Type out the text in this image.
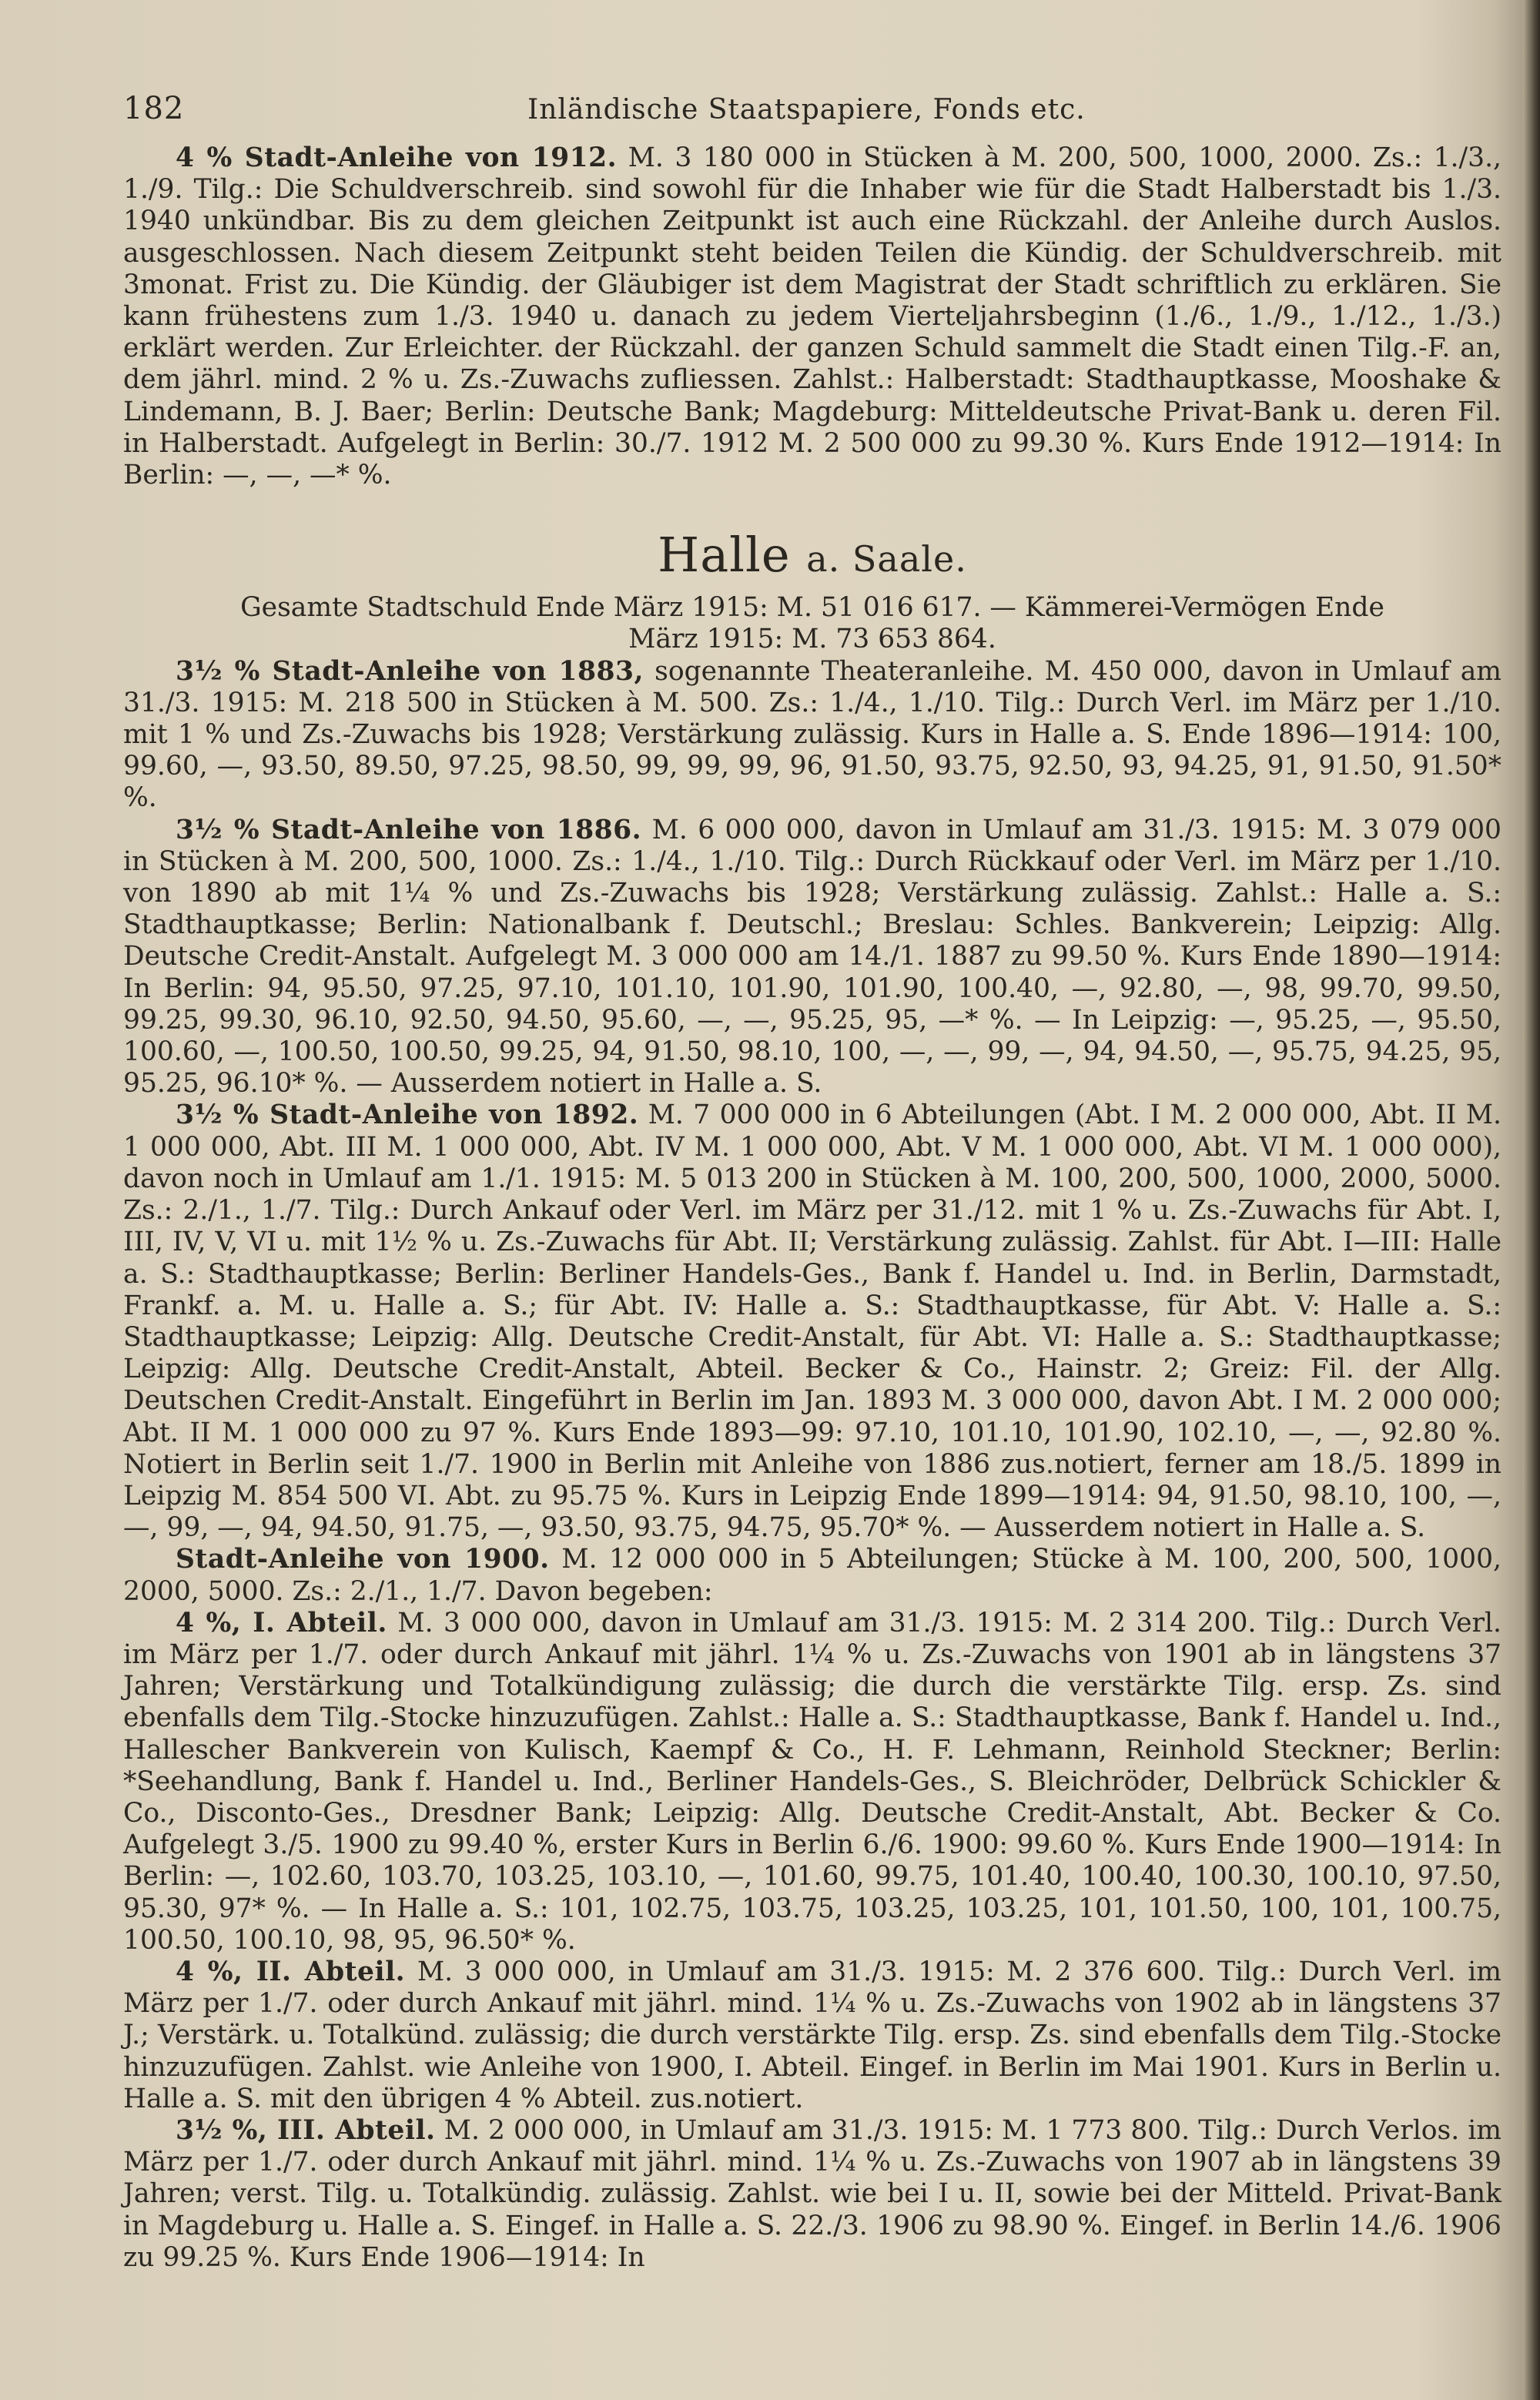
182	Inländische Staatspapiere, Fonds etc.

4 % Stadt-Anleihe von 1912. M. 3 180 000 in Stücken à M. 200, 500, 1000, 2000. Zs.: 1./3., 1./9. Tilg.: Die Schuldverschreib. sind sowohl für die Inhaber wie für die Stadt Halberstadt bis 1./3. 1940 unkündbar. Bis zu dem gleichen Zeitpunkt ist auch eine Rückzahl. der Anleihe durch Auslos. ausgeschlossen. Nach diesem Zeitpunkt steht beiden Teilen die Kündig. der Schuldverschreib. mit 3monat. Frist zu. Die Kündig. der Gläubiger ist dem Magistrat der Stadt schriftlich zu erklären. Sie kann frühestens zum 1./3. 1940 u. danach zu jedem Vierteljahrsbeginn (1./6., 1./9., 1./12., 1./3.) erklärt werden. Zur Erleichter. der Rückzahl. der ganzen Schuld sammelt die Stadt einen Tilg.-F. an, dem jährl. mind. 2 % u. Zs.-Zuwachs zufliessen. Zahlst.: Halberstadt: Stadthauptkasse, Mooshake & Lindemann, B. J. Baer; Berlin: Deutsche Bank; Magdeburg: Mitteldeutsche Privat-Bank u. deren Fil. in Halberstadt. Aufgelegt in Berlin: 30./7. 1912 M. 2 500 000 zu 99.30 %. Kurs Ende 1912—1914: In Berlin: —, —, —* %.

Halle a. Saale.

Gesamte Stadtschuld Ende März 1915: M. 51 016 617. — Kämmerei-Vermögen Ende

März 1915: M. 73 653 864.

3½ % Stadt-Anleihe von 1883, sogenannte Theateranleihe. M. 450 000, davon in Umlauf am 31./3. 1915: M. 218 500 in Stücken à M. 500. Zs.: 1./4., 1./10. Tilg.: Durch Verl. im März per 1./10. mit 1 % und Zs.-Zuwachs bis 1928; Verstärkung zulässig. Kurs in Halle a. S. Ende 1896—1914: 100, 99.60, —, 93.50, 89.50, 97.25, 98.50, 99, 99, 99, 96, 91.50, 93.75, 92.50, 93, 94.25, 91, 91.50, 91.50* %.

3½ % Stadt-Anleihe von 1886. M. 6 000 000, davon in Umlauf am 31./3. 1915: M. 3 079 000 in Stücken à M. 200, 500, 1000. Zs.: 1./4., 1./10. Tilg.: Durch Rückkauf oder Verl. im März per 1./10. von 1890 ab mit 1¼ % und Zs.-Zuwachs bis 1928; Verstärkung zulässig. Zahlst.: Halle a. S.: Stadthauptkasse; Berlin: Nationalbank f. Deutschl.; Breslau: Schles. Bankverein; Leipzig: Allg. Deutsche Credit-Anstalt. Aufgelegt M. 3 000 000 am 14./1. 1887 zu 99.50 %. Kurs Ende 1890—1914: In Berlin: 94, 95.50, 97.25, 97.10, 101.10, 101.90, 101.90, 100.40, —, 92.80, —, 98, 99.70, 99.50, 99.25, 99.30, 96.10, 92.50, 94.50, 95.60, —, —, 95.25, 95, —* %. — In Leipzig: —, 95.25, —, 95.50, 100.60, —, 100.50, 100.50, 99.25, 94, 91.50, 98.10, 100, —, —, 99, —, 94, 94.50, —, 95.75, 94.25, 95, 95.25, 96.10* %. — Ausserdem notiert in Halle a. S.

3½ % Stadt-Anleihe von 1892. M. 7 000 000 in 6 Abteilungen (Abt. I M. 2 000 000, Abt. II M. 1 000 000, Abt. III M. 1 000 000, Abt. IV M. 1 000 000, Abt. V M. 1 000 000, Abt. VI M. 1 000 000), davon noch in Umlauf am 1./1. 1915: M. 5 013 200 in Stücken à M. 100, 200, 500, 1000, 2000, 5000. Zs.: 2./1., 1./7. Tilg.: Durch Ankauf oder Verl. im März per 31./12. mit 1 % u. Zs.-Zuwachs für Abt. I, III, IV, V, VI u. mit 1½ % u. Zs.-Zuwachs für Abt. II; Verstärkung zulässig. Zahlst. für Abt. I—III: Halle a. S.: Stadthauptkasse; Berlin: Berliner Handels-Ges., Bank f. Handel u. Ind. in Berlin, Darmstadt, Frankf. a. M. u. Halle a. S.; für Abt. IV: Halle a. S.: Stadthauptkasse, für Abt. V: Halle a. S.: Stadthauptkasse; Leipzig: Allg. Deutsche Credit-Anstalt, für Abt. VI: Halle a. S.: Stadthauptkasse; Leipzig: Allg. Deutsche Credit-Anstalt, Abteil. Becker & Co., Hainstr. 2; Greiz: Fil. der Allg. Deutschen Credit-Anstalt. Eingeführt in Berlin im Jan. 1893 M. 3 000 000, davon Abt. I M. 2 000 000; Abt. II M. 1 000 000 zu 97 %. Kurs Ende 1893—99: 97.10, 101.10, 101.90, 102.10, —, —, 92.80 %. Notiert in Berlin seit 1./7. 1900 in Berlin mit Anleihe von 1886 zus.notiert, ferner am 18./5. 1899 in Leipzig M. 854 500 VI. Abt. zu 95.75 %. Kurs in Leipzig Ende 1899—1914: 94, 91.50, 98.10, 100, —, —, 99, —, 94, 94.50, 91.75, —, 93.50, 93.75, 94.75, 95.70* %. — Ausserdem notiert in Halle a. S.

Stadt-Anleihe von 1900. M. 12 000 000 in 5 Abteilungen; Stücke à M. 100, 200, 500, 1000, 2000, 5000. Zs.: 2./1., 1./7. Davon begeben:

4 %, I. Abteil. M. 3 000 000, davon in Umlauf am 31./3. 1915: M. 2 314 200. Tilg.: Durch Verl. im März per 1./7. oder durch Ankauf mit jährl. 1¼ % u. Zs.-Zuwachs von 1901 ab in längstens 37 Jahren; Verstärkung und Totalkündigung zulässig; die durch die verstärkte Tilg. ersp. Zs. sind ebenfalls dem Tilg.-Stocke hinzuzufügen. Zahlst.: Halle a. S.: Stadthauptkasse, Bank f. Handel u. Ind., Hallescher Bankverein von Kulisch, Kaempf & Co., H. F. Lehmann, Reinhold Steckner; Berlin: *Seehandlung, Bank f. Handel u. Ind., Berliner Handels-Ges., S. Bleichröder, Delbrück Schickler & Co., Disconto-Ges., Dresdner Bank; Leipzig: Allg. Deutsche Credit-Anstalt, Abt. Becker & Co. Aufgelegt 3./5. 1900 zu 99.40 %, erster Kurs in Berlin 6./6. 1900: 99.60 %. Kurs Ende 1900—1914: In Berlin: —, 102.60, 103.70, 103.25, 103.10, —, 101.60, 99.75, 101.40, 100.40, 100.30, 100.10, 97.50, 95.30, 97* %. — In Halle a. S.: 101, 102.75, 103.75, 103.25, 103.25, 101, 101.50, 100, 101, 100.75, 100.50, 100.10, 98, 95, 96.50* %.

4 %, II. Abteil. M. 3 000 000, in Umlauf am 31./3. 1915: M. 2 376 600. Tilg.: Durch Verl. im März per 1./7. oder durch Ankauf mit jährl. mind. 1¼ % u. Zs.-Zuwachs von 1902 ab in längstens 37 J.; Verstärk. u. Totalkünd. zulässig; die durch verstärkte Tilg. ersp. Zs. sind ebenfalls dem Tilg.-Stocke hinzuzufügen. Zahlst. wie Anleihe von 1900, I. Abteil. Eingef. in Berlin im Mai 1901. Kurs in Berlin u. Halle a. S. mit den übrigen 4 % Abteil. zus.notiert.

3½ %, III. Abteil. M. 2 000 000, in Umlauf am 31./3. 1915: M. 1 773 800. Tilg.: Durch Verlos. im März per 1./7. oder durch Ankauf mit jährl. mind. 1¼ % u. Zs.-Zuwachs von 1907 ab in längstens 39 Jahren; verst. Tilg. u. Totalkündig. zulässig. Zahlst. wie bei I u. II, sowie bei der Mitteld. Privat-Bank in Magdeburg u. Halle a. S. Eingef. in Halle a. S. 22./3. 1906 zu 98.90 %. Eingef. in Berlin 14./6. 1906 zu 99.25 %. Kurs Ende 1906—1914: In
